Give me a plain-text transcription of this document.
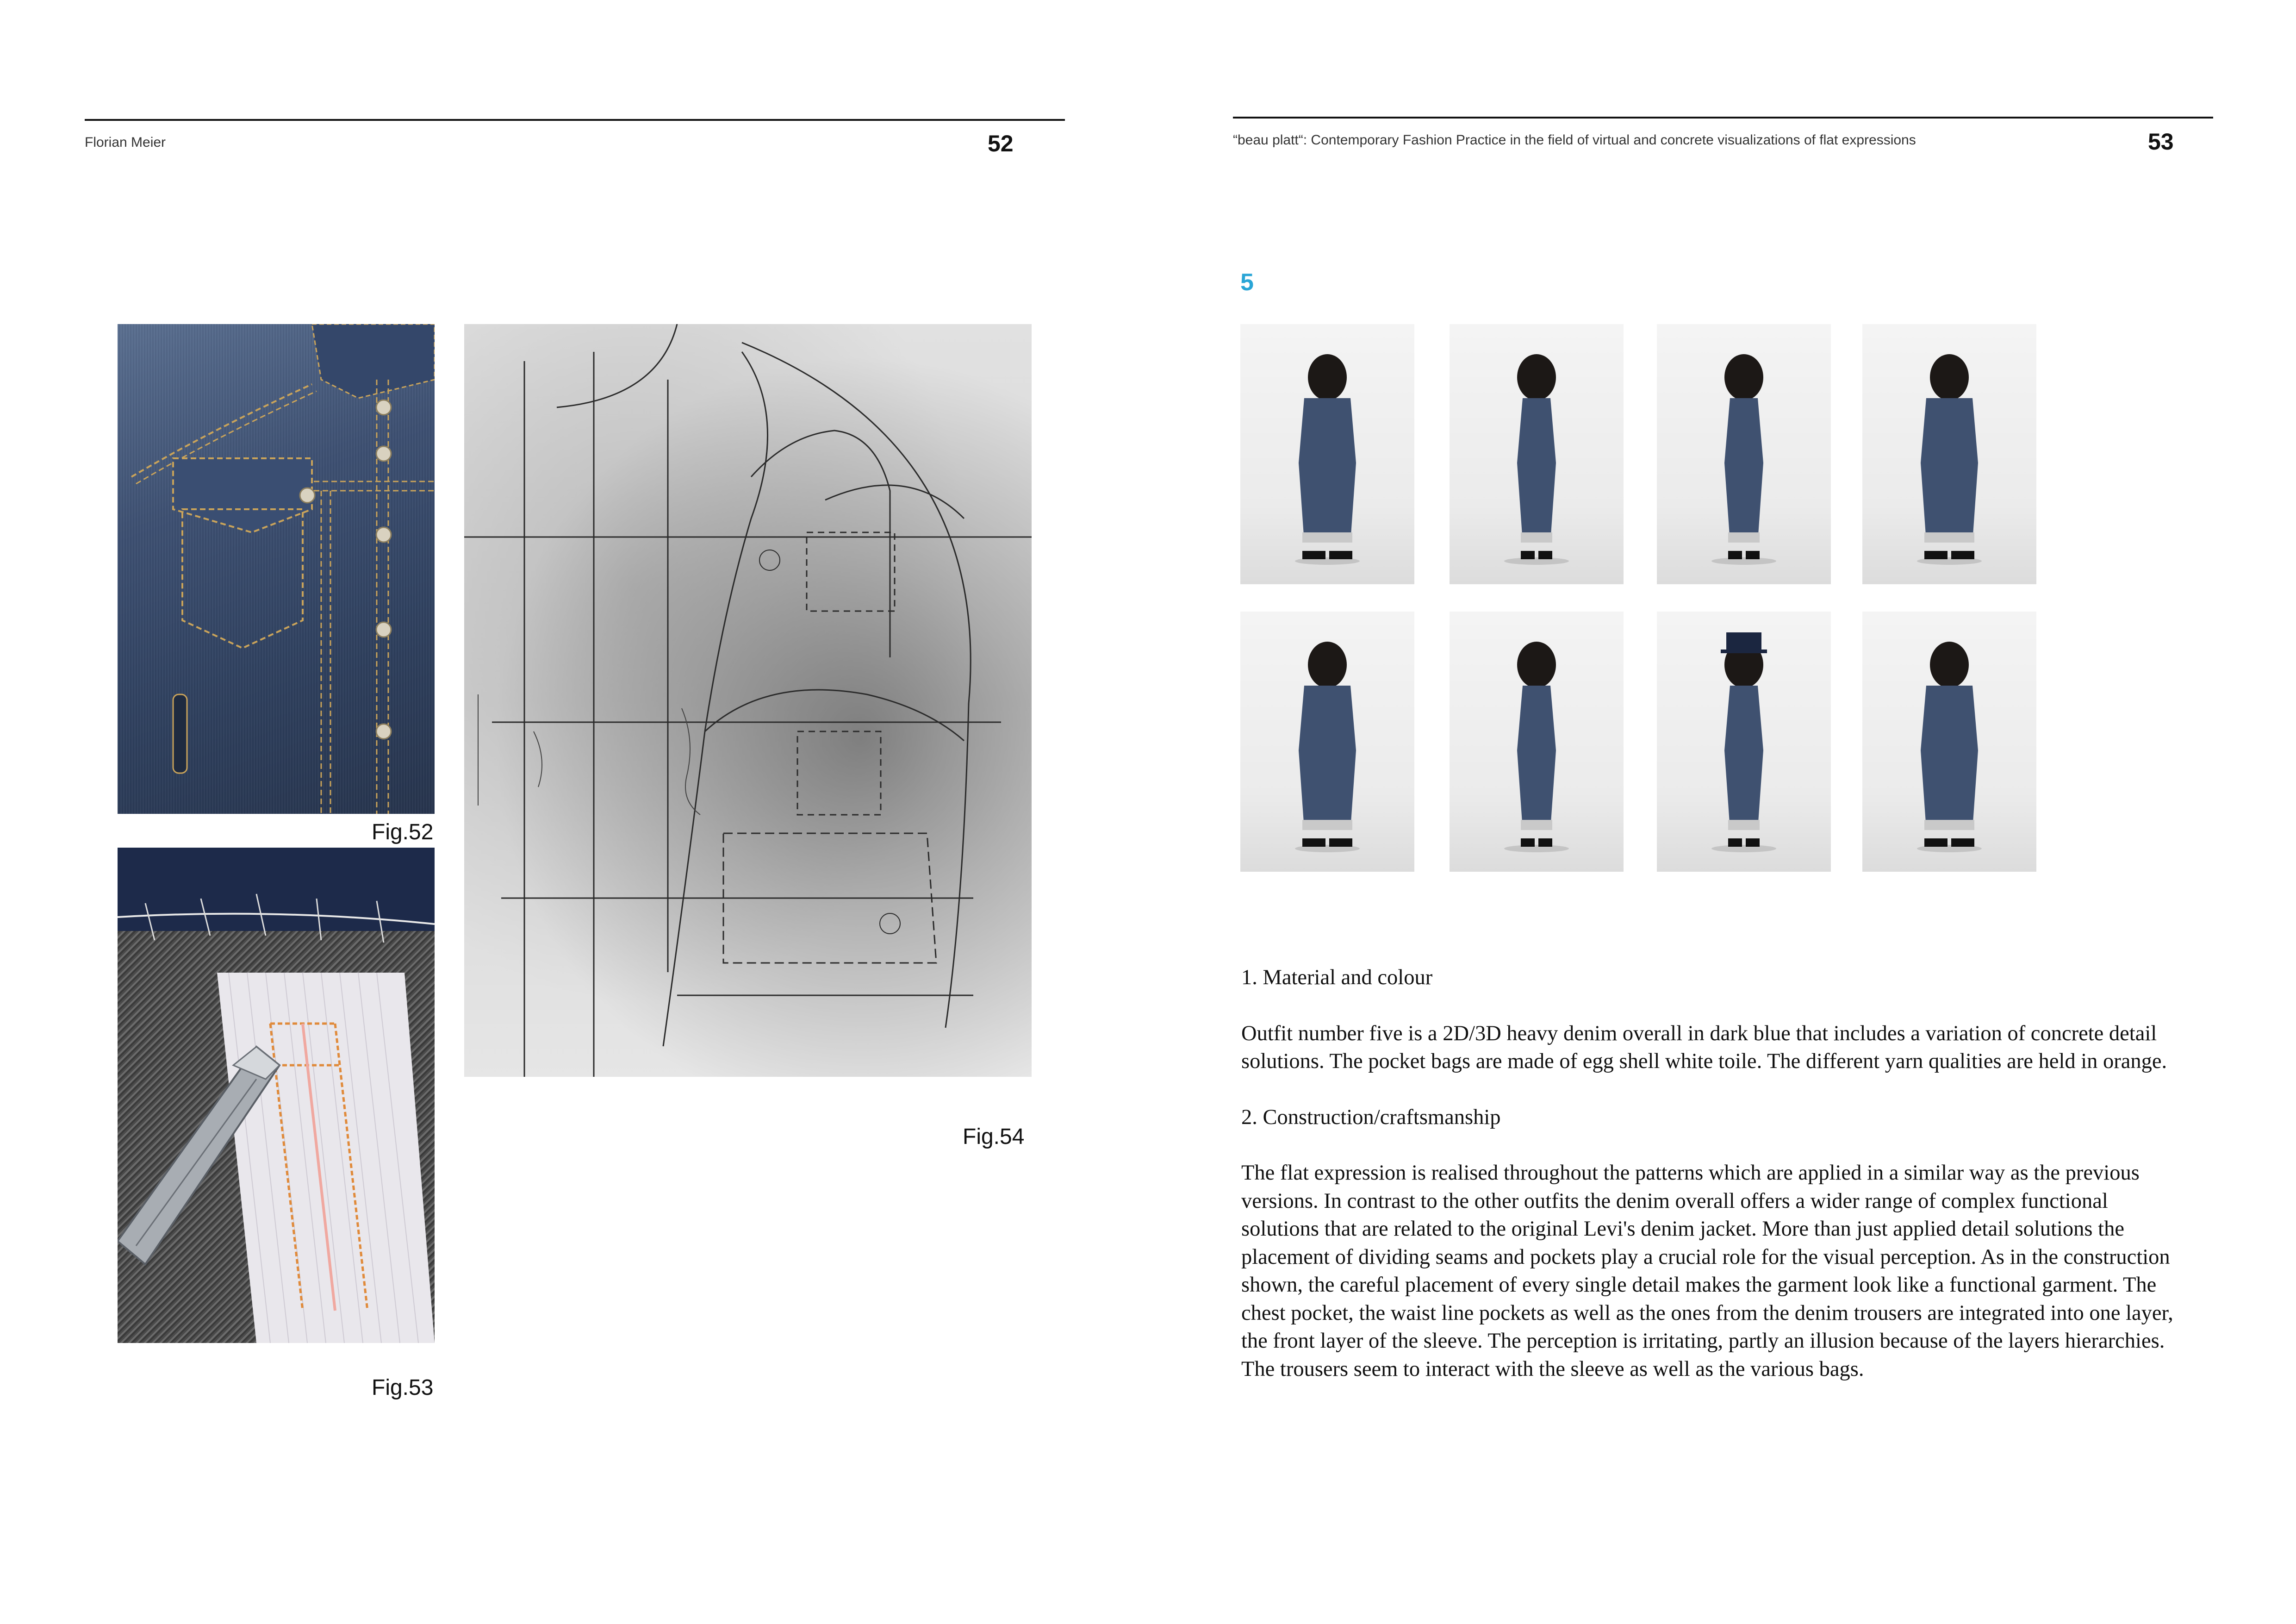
Florian Meier	52
Fig.52
Fig.53
Fig.54
“beau platt“: Contemporary Fashion Practice in the field of virtual and concrete visualizations of flat expressions	53
5

1. Material and colour

Outfit number five is a 2D/3D heavy denim overall in dark blue that includes a variation of concrete detail solutions. The pocket bags are made of egg shell white toile. The different yarn qualities are held in orange.

2. Construction/craftsmanship

The flat expression is realised throughout the patterns which are applied in a similar way as the previous versions. In contrast to the other outfits the denim overall offers a wider range of complex functional solutions that are related to the original Levi's denim jacket. More than just applied detail solutions the placement of dividing seams and pockets play a crucial role for the visual perception. As in the construction shown, the careful placement of every single detail makes the garment look like a functional garment. The chest pocket, the waist line pockets as well as the ones from the denim trousers are integrated into one layer, the front layer of the sleeve. The perception is irritating, partly an illusion because of the layers hierarchies. The trousers seem to interact with the sleeve as well as the various bags.
